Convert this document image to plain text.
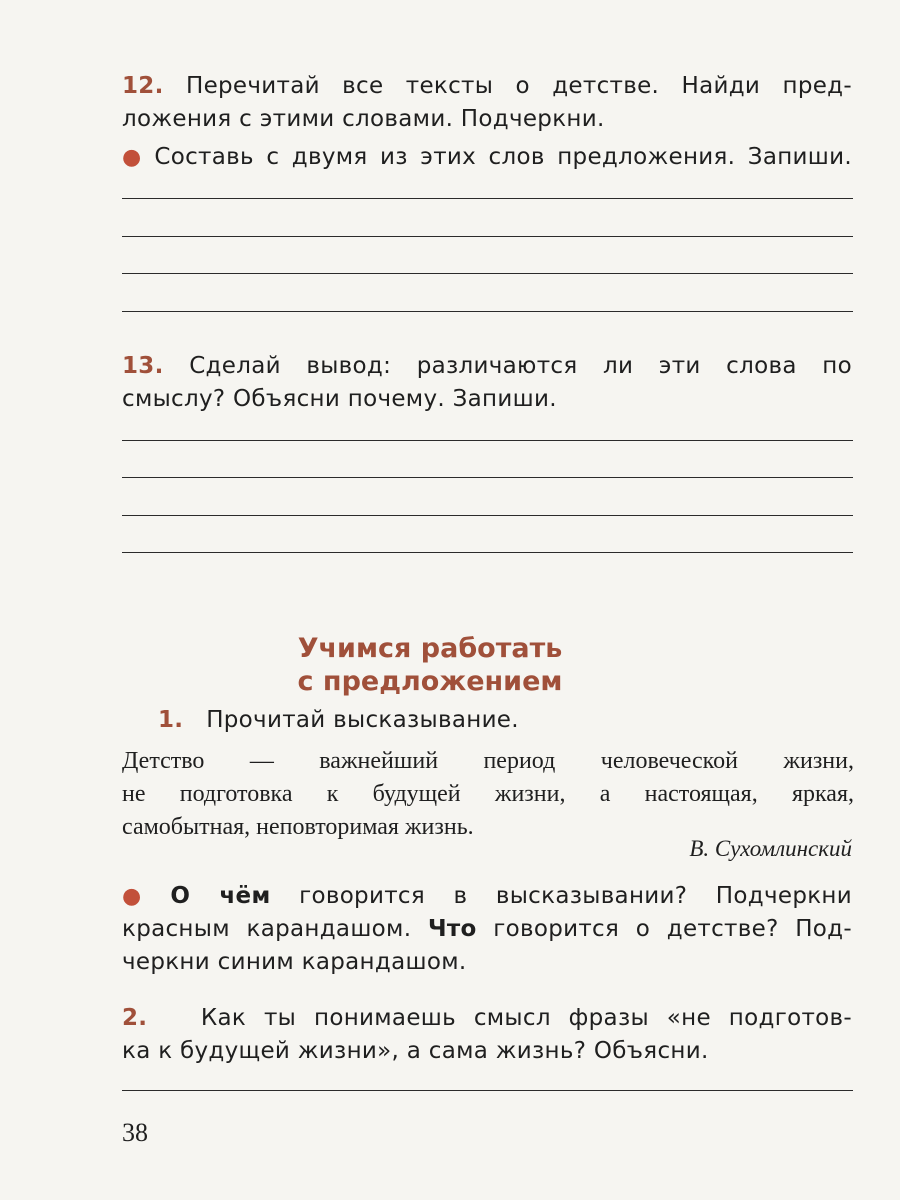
12. Перечитай все тексты о детстве. Найди пред-
ложения с этими словами. Подчеркни.
● Составь с двумя из этих слов предложения. Запиши.
13. Сделай вывод: различаются ли эти слова по
смыслу? Объясни почему. Запиши.
Учимся работать
с предложением
1. Прочитай высказывание.
Детство — важнейший период человеческой жизни,
не подготовка к будущей жизни, а настоящая, яркая,
самобытная, неповторимая жизнь.
В. Сухомлинский
● О чём говорится в высказывании? Подчеркни
красным карандашом. Что говорится о детстве? Под-
черкни синим карандашом.
2. Как ты понимаешь смысл фразы «не подготов-
ка к будущей жизни», а сама жизнь? Объясни.
38
